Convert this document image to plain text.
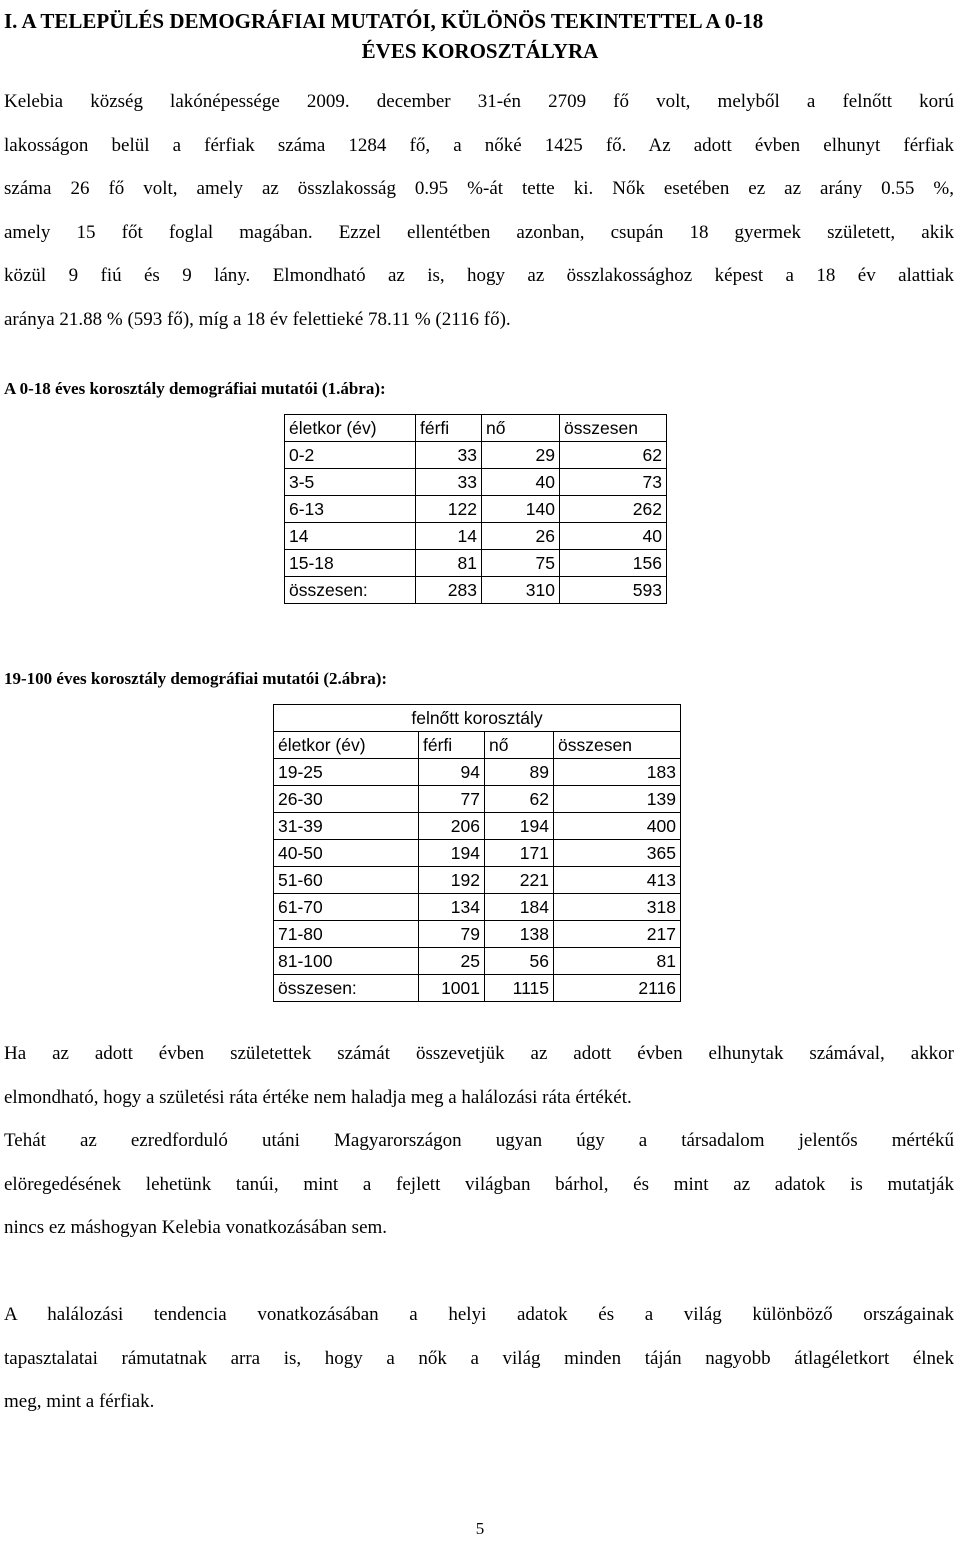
I. A TELEPÜLÉS DEMOGRÁFIAI MUTATÓI, KÜLÖNÖS TEKINTETTEL A 0-18
ÉVES KOROSZTÁLYRA
Kelebia község lakónépessége 2009. december 31-én 2709 fő volt, melyből a felnőtt korú
lakosságon belül a férfiak száma 1284 fő, a nőké 1425 fő. Az adott évben elhunyt férfiak
száma 26 fő volt, amely az összlakosság 0.95 %-át tette ki. Nők esetében ez az arány 0.55 %,
amely 15 főt foglal magában. Ezzel ellentétben azonban, csupán 18 gyermek született, akik
közül 9 fiú és 9 lány. Elmondható az is, hogy az összlakossághoz képest a 18 év alattiak
aránya 21.88 % (593 fő), míg a 18 év felettieké 78.11 % (2116 fő).
A 0-18 éves korosztály demográfiai mutatói (1.ábra):
életkor (év)	férfi	nő	összesen
0-2	33	29	62
3-5	33	40	73
6-13	122	140	262
14	14	26	40
15-18	81	75	156
összesen:	283	310	593
19-100 éves korosztály demográfiai mutatói (2.ábra):
felnőtt korosztály			
életkor (év)	férfi	nő	összesen
19-25	94	89	183
26-30	77	62	139
31-39	206	194	400
40-50	194	171	365
51-60	192	221	413
61-70	134	184	318
71-80	79	138	217
81-100	25	56	81
összesen:	1001	1115	2116
Ha az adott évben születettek számát összevetjük az adott évben elhunytak számával, akkor
elmondható, hogy a születési ráta értéke nem haladja meg a halálozási ráta értékét.
Tehát az ezredforduló utáni Magyarországon ugyan úgy a társadalom jelentős mértékű
elöregedésének lehetünk tanúi, mint a fejlett világban bárhol, és mint az adatok is mutatják
nincs ez máshogyan Kelebia vonatkozásában sem.
A halálozási tendencia vonatkozásában a helyi adatok és a világ különböző országainak
tapasztalatai rámutatnak arra is, hogy a nők a világ minden táján nagyobb átlagéletkort élnek
meg, mint a férfiak.
5
